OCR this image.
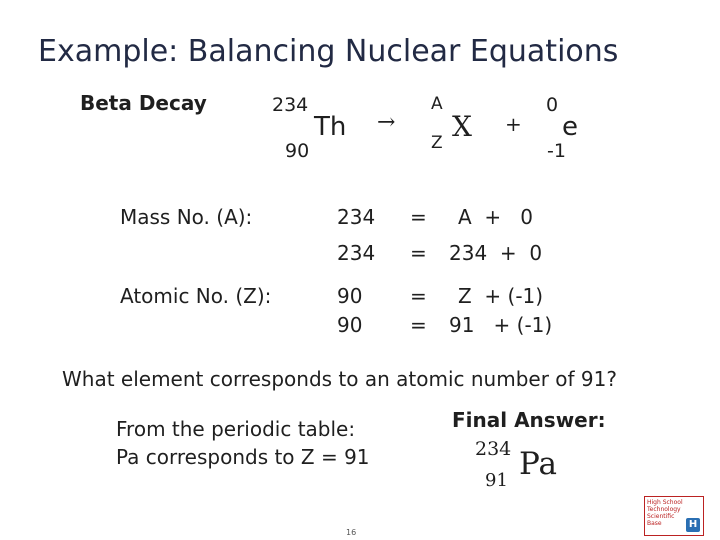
Example: Balancing Nuclear Equations
Beta Decay	234
90
Th →
A
Z X +
0
e
-1
Mass No. (A):	234 = A  +   0
234 = 234  +  0
Atomic No. (Z):	90 = Z  + (-1)
90 = 91   + (-1)
What element corresponds to an atomic number of 91?
From the periodic table:
Pa corresponds to Z = 91
Final Answer:
234
91 Pa
16
High School Technology Scientific Base	H
